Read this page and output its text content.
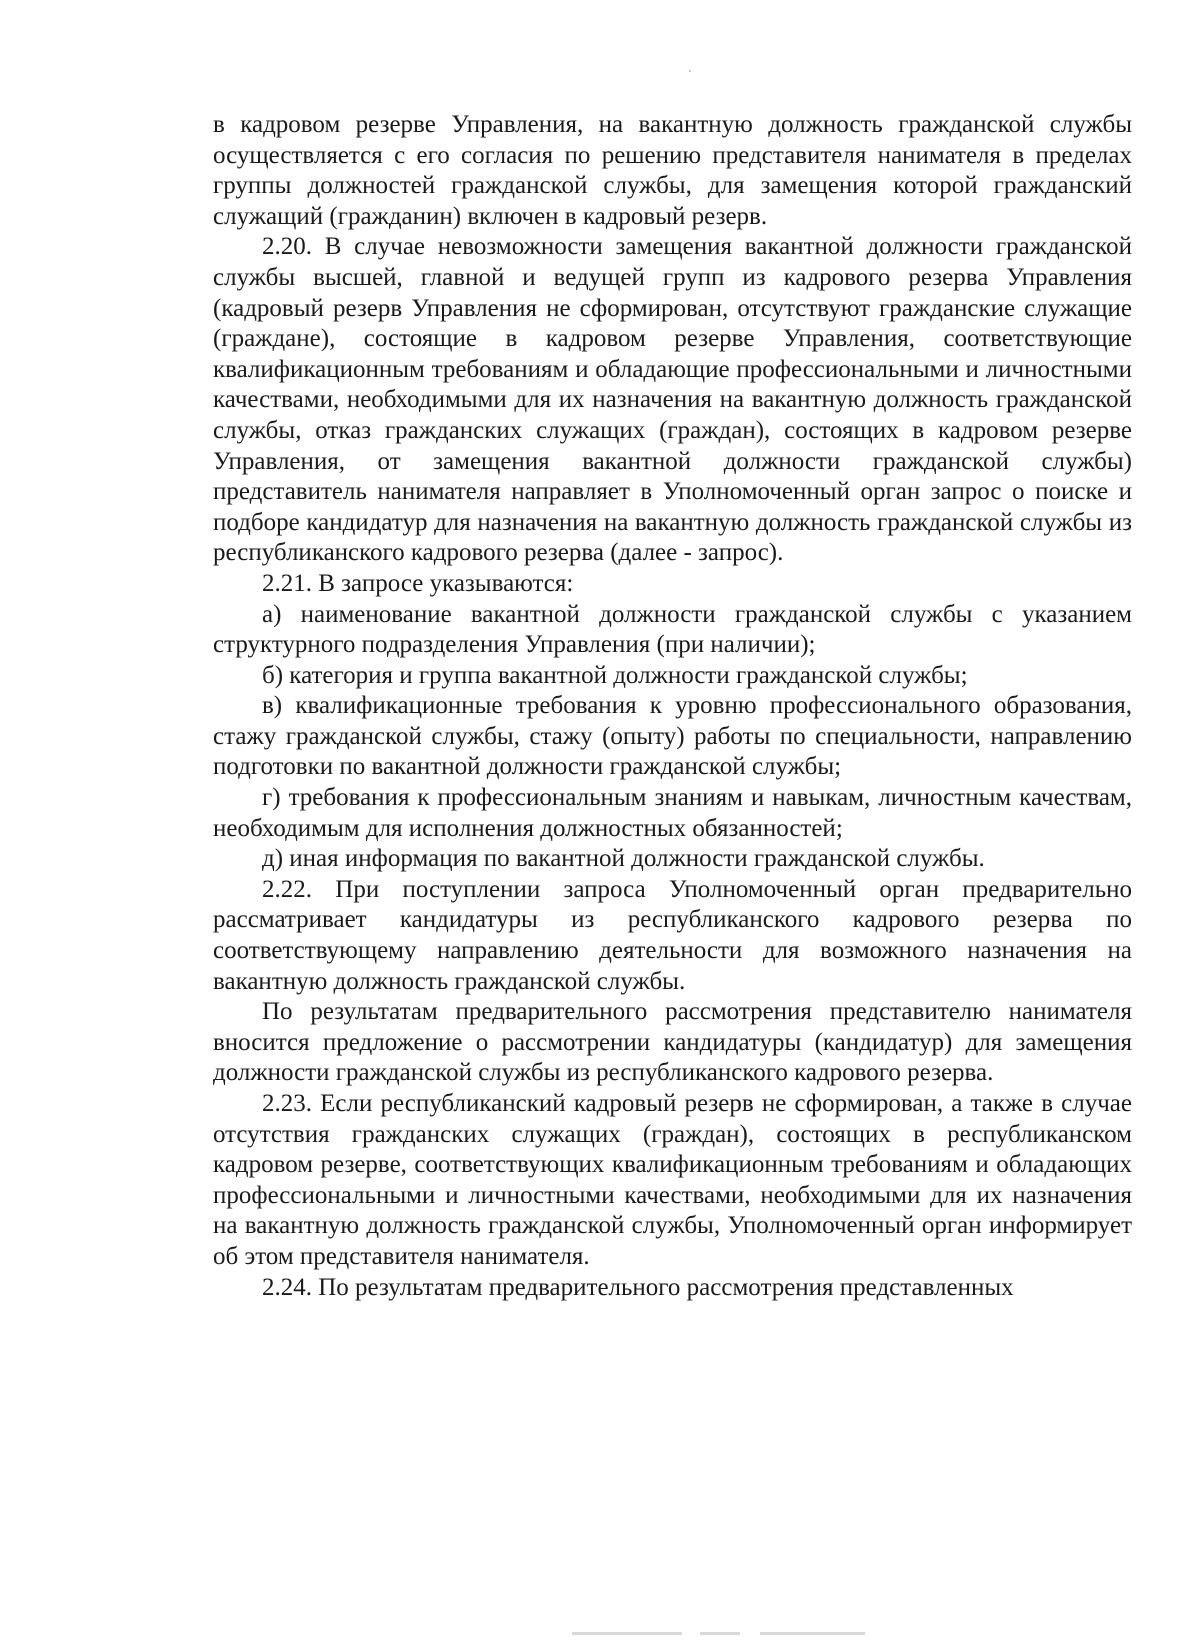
в кадровом резерве Управления, на вакантную должность гражданской службы осуществляется с его согласия по решению представителя нанимателя в пределах группы должностей гражданской службы, для замещения которой гражданский служащий (гражданин) включен в кадровый резерв.

2.20. В случае невозможности замещения вакантной должности гражданской службы высшей, главной и ведущей групп из кадрового резерва Управления (кадровый резерв Управления не сформирован, отсутствуют гражданские служащие (граждане), состоящие в кадровом резерве Управления, соответствующие квалификационным требованиям и обладающие профессиональными и личностными качествами, необходимыми для их назначения на вакантную должность гражданской службы, отказ гражданских служащих (граждан), состоящих в кадровом резерве Управления, от замещения вакантной должности гражданской службы) представитель нанимателя направляет в Уполномоченный орган запрос о поиске и подборе кандидатур для назначения на вакантную должность гражданской службы из республиканского кадрового резерва (далее - запрос).

2.21. В запросе указываются:

а) наименование вакантной должности гражданской службы с указанием структурного подразделения Управления (при наличии);

б) категория и группа вакантной должности гражданской службы;

в) квалификационные требования к уровню профессионального образования, стажу гражданской службы, стажу (опыту) работы по специальности, направлению подготовки по вакантной должности гражданской службы;

г) требования к профессиональным знаниям и навыкам, личностным качествам, необходимым для исполнения должностных обязанностей;

д) иная информация по вакантной должности гражданской службы.

2.22. При поступлении запроса Уполномоченный орган предварительно рассматривает кандидатуры из республиканского кадрового резерва по соответствующему направлению деятельности для возможного назначения на вакантную должность гражданской службы.

По результатам предварительного рассмотрения представителю нанимателя вносится предложение о рассмотрении кандидатуры (кандидатур) для замещения должности гражданской службы из республиканского кадрового резерва.

2.23. Если республиканский кадровый резерв не сформирован, а также в случае отсутствия гражданских служащих (граждан), состоящих в республиканском кадровом резерве, соответствующих квалификационным требованиям и обладающих профессиональными и личностными качествами, необходимыми для их назначения на вакантную должность гражданской службы, Уполномоченный орган информирует об этом представителя нанимателя.

2.24. По результатам предварительного рассмотрения представленных
